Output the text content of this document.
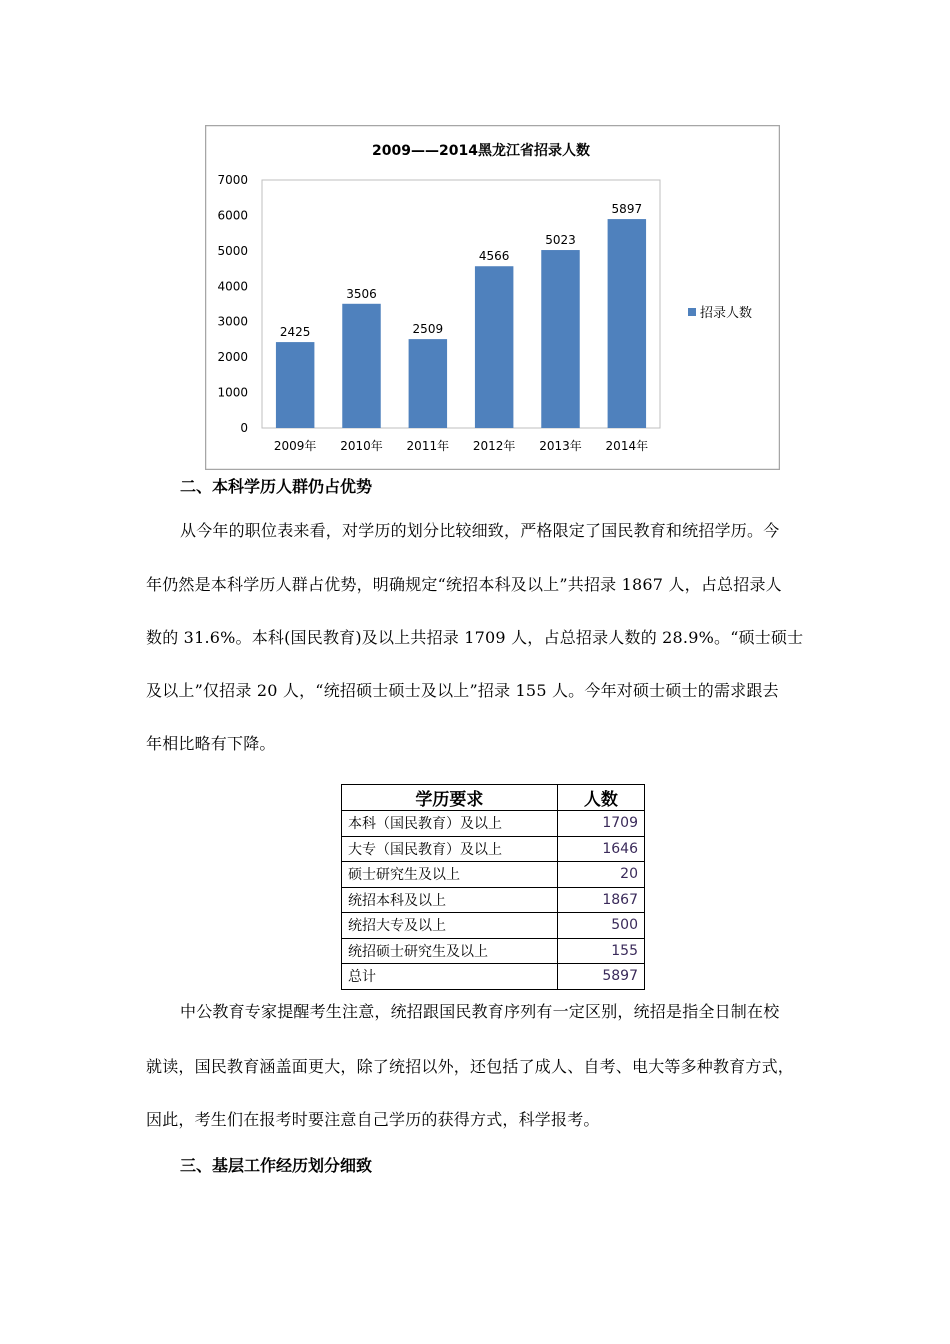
2009——2014黑龙江省招录人数
0
1000
2000
3000
4000
5000
6000
7000
2425
2009年
3506
2010年
2509
2011年
4566
2012年
5023
2013年
5897
2014年
招录人数
二、本科学历人群仍占优势
从今年的职位表来看，对学历的划分比较细致，严格限定了国民教育和统招学历。今
年仍然是本科学历人群占优势，明确规定“统招本科及以上”共招录 1867 人，占总招录人
数的 31.6%。本科(国民教育)及以上共招录 1709 人，占总招录人数的 28.9%。“硕士硕士
及以上”仅招录 20 人，“统招硕士硕士及以上”招录 155 人。今年对硕士硕士的需求跟去
年相比略有下降。
学历要求	人数
本科（国民教育）及以上	1709
大专（国民教育）及以上	1646
硕士研究生及以上	20
统招本科及以上	1867
统招大专及以上	500
统招硕士研究生及以上	155
总计	5897
中公教育专家提醒考生注意，统招跟国民教育序列有一定区别，统招是指全日制在校
就读，国民教育涵盖面更大，除了统招以外，还包括了成人、自考、电大等多种教育方式，
因此，考生们在报考时要注意自己学历的获得方式，科学报考。
三、基层工作经历划分细致
